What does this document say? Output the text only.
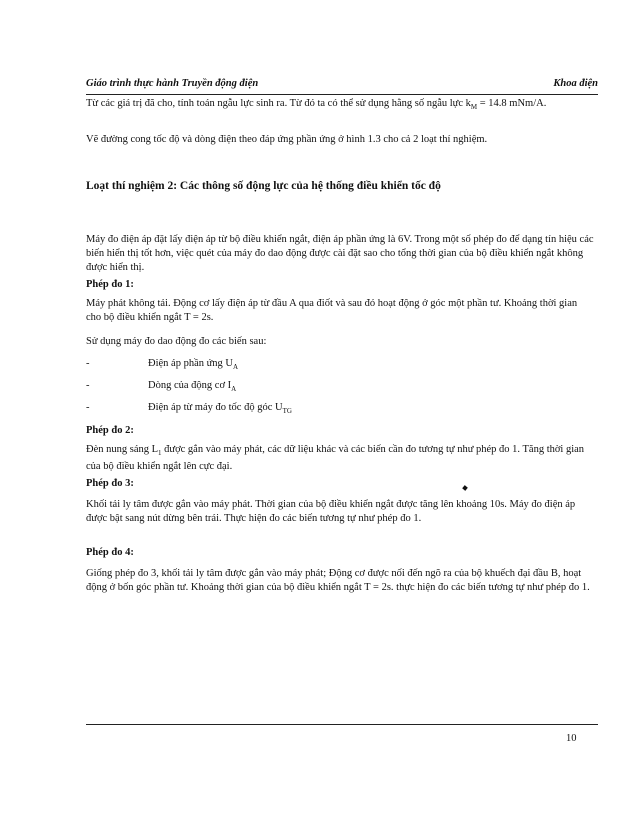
Giáo trình thực hành Truyền động điện	Khoa điện
Từ các giá trị đã cho, tính toán ngẫu lực sinh ra. Từ đó ta có thể sử dụng hằng số ngẫu lực $k_M = 14.8$ mNm/A.
Vẽ đường cong tốc độ và dòng điện theo đáp ứng phần ứng ở hình 1.3 cho cả 2 loạt thí nghiệm.
Loạt thí nghiệm 2: Các thông số động lực của hệ thống điều khiển tốc độ
Máy đo điện áp đặt lấy điện áp từ bộ điều khiển ngắt, điện áp phần ứng là 6V. Trong một số phép đo để dạng tín hiệu các biến hiển thị tốt hơn, việc quét của máy đo dao động được cài đặt sao cho tổng thời gian của bộ điều khiển ngắt không được hiển thị.
Phép đo 1:
Máy phát không tải. Động cơ lấy điện áp từ đầu A qua điốt và sau đó hoạt động ở góc một phần tư. Khoảng thời gian cho bộ điều khiển ngắt T = 2s.
Sử dụng máy đo dao động đo các biến sau:
-	Điện áp phần ứng $U_A$
-	Dòng của động cơ $I_A$
-	Điện áp từ máy đo tốc độ góc $U_{TG}$
Phép đo 2:
Đèn nung sáng $L_1$ được gắn vào máy phát, các dữ liệu khác và các biến cần đo tương tự như phép đo 1. Tăng thời gian của bộ điều khiển ngắt lên cực đại.
Phép đo 3:
Khối tải ly tâm được gắn vào máy phát. Thời gian của bộ điều khiển ngắt được tăng lên khoảng 10s. Máy đo điện áp được bật sang nút dừng bên trái. Thực hiện đo các biến tương tự như phép đo 1.
Phép đo 4:
Giống phép đo 3, khối tải ly tâm được gắn vào máy phát; Động cơ được nối đến ngõ ra của bộ khuếch đại đầu B, hoạt động ở bốn góc phần tư. Khoảng thời gian của bộ điều khiển ngắt T = 2s. thực hiện đo các biến tương tự như phép đo 1.
10
